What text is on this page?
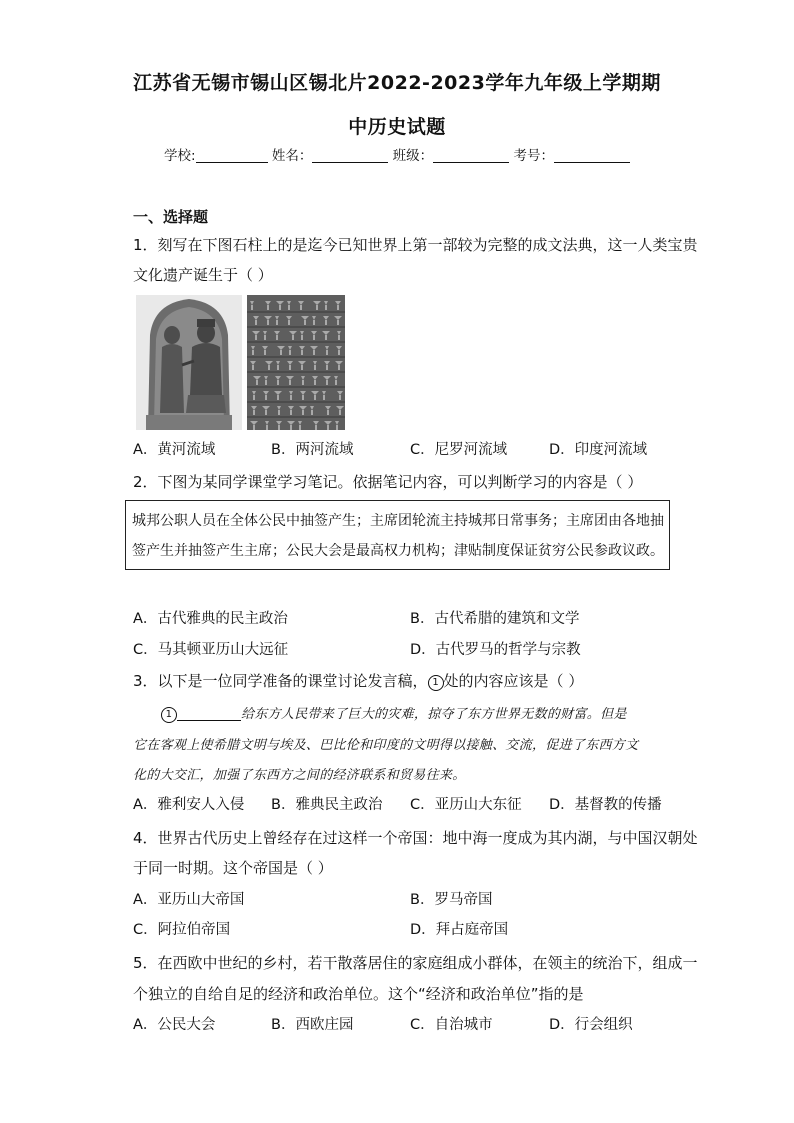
江苏省无锡市锡山区锡北片2022-2023学年九年级上学期期
中历史试题
学校:	姓名：	班级：	考号：
一、选择题
1．刻写在下图石柱上的是迄今已知世界上第一部较为完整的成文法典，这一人类宝贵
文化遗产诞生于（ ）
A．黄河流域	B．两河流域	C．尼罗河流域	D．印度河流域
2．下图为某同学课堂学习笔记。依据笔记内容，可以判断学习的内容是（ ）
城邦公职人员在全体公民中抽签产生；主席团轮流主持城邦日常事务；主席团由各地抽
签产生并抽签产生主席；公民大会是最高权力机构；津贴制度保证贫穷公民参政议政。
A．古代雅典的民主政治	B．古代希腊的建筑和文学
C．马其顿亚历山大远征	D．古代罗马的哲学与宗教
3．以下是一位同学准备的课堂讨论发言稿， 1 处的内容应该是（ ）
1	给东方人民带来了巨大的灾难，掠夺了东方世界无数的财富。但是
它在客观上使希腊文明与埃及、巴比伦和印度的文明得以接触、交流，促进了东西方文
化的大交汇，加强了东西方之间的经济联系和贸易往来。
A．雅利安人入侵 B．雅典民主政治 C．亚历山大东征 D．基督教的传播
4．世界古代历史上曾经存在过这样一个帝国：地中海一度成为其内湖，与中国汉朝处
于同一时期。这个帝国是（ ）
A．亚历山大帝国	B．罗马帝国
C．阿拉伯帝国	D．拜占庭帝国
5．在西欧中世纪的乡村，若干散落居住的家庭组成小群体，在领主的统治下，组成一
个独立的自给自足的经济和政治单位。这个“经济和政治单位”指的是
A．公民大会	B．西欧庄园	C．自治城市	D．行会组织
